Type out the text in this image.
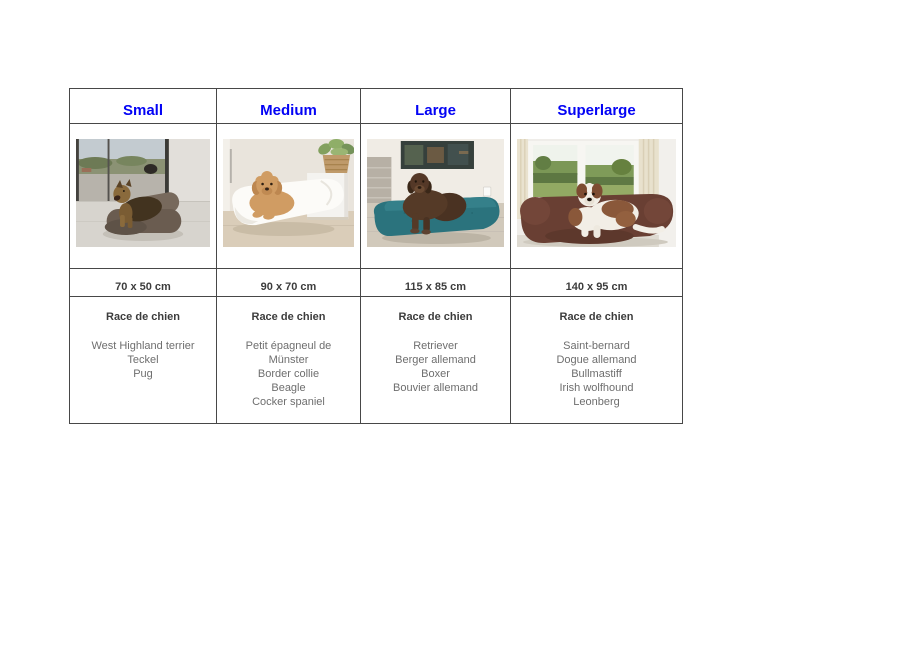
Small
70 x 50 cm
Race de chien
West Highland terrier
Teckel
Pug
Medium
90 x 70 cm
Race de chien
Petit épagneul de Münster
Border collie
Beagle
Cocker spaniel
Large
115 x 85 cm
Race de chien
Retriever
Berger allemand
Boxer
Bouvier allemand
Superlarge
140 x 95 cm
Race de chien
Saint-bernard
Dogue allemand
Bullmastiff
Irish wolfhound
Leonberg
